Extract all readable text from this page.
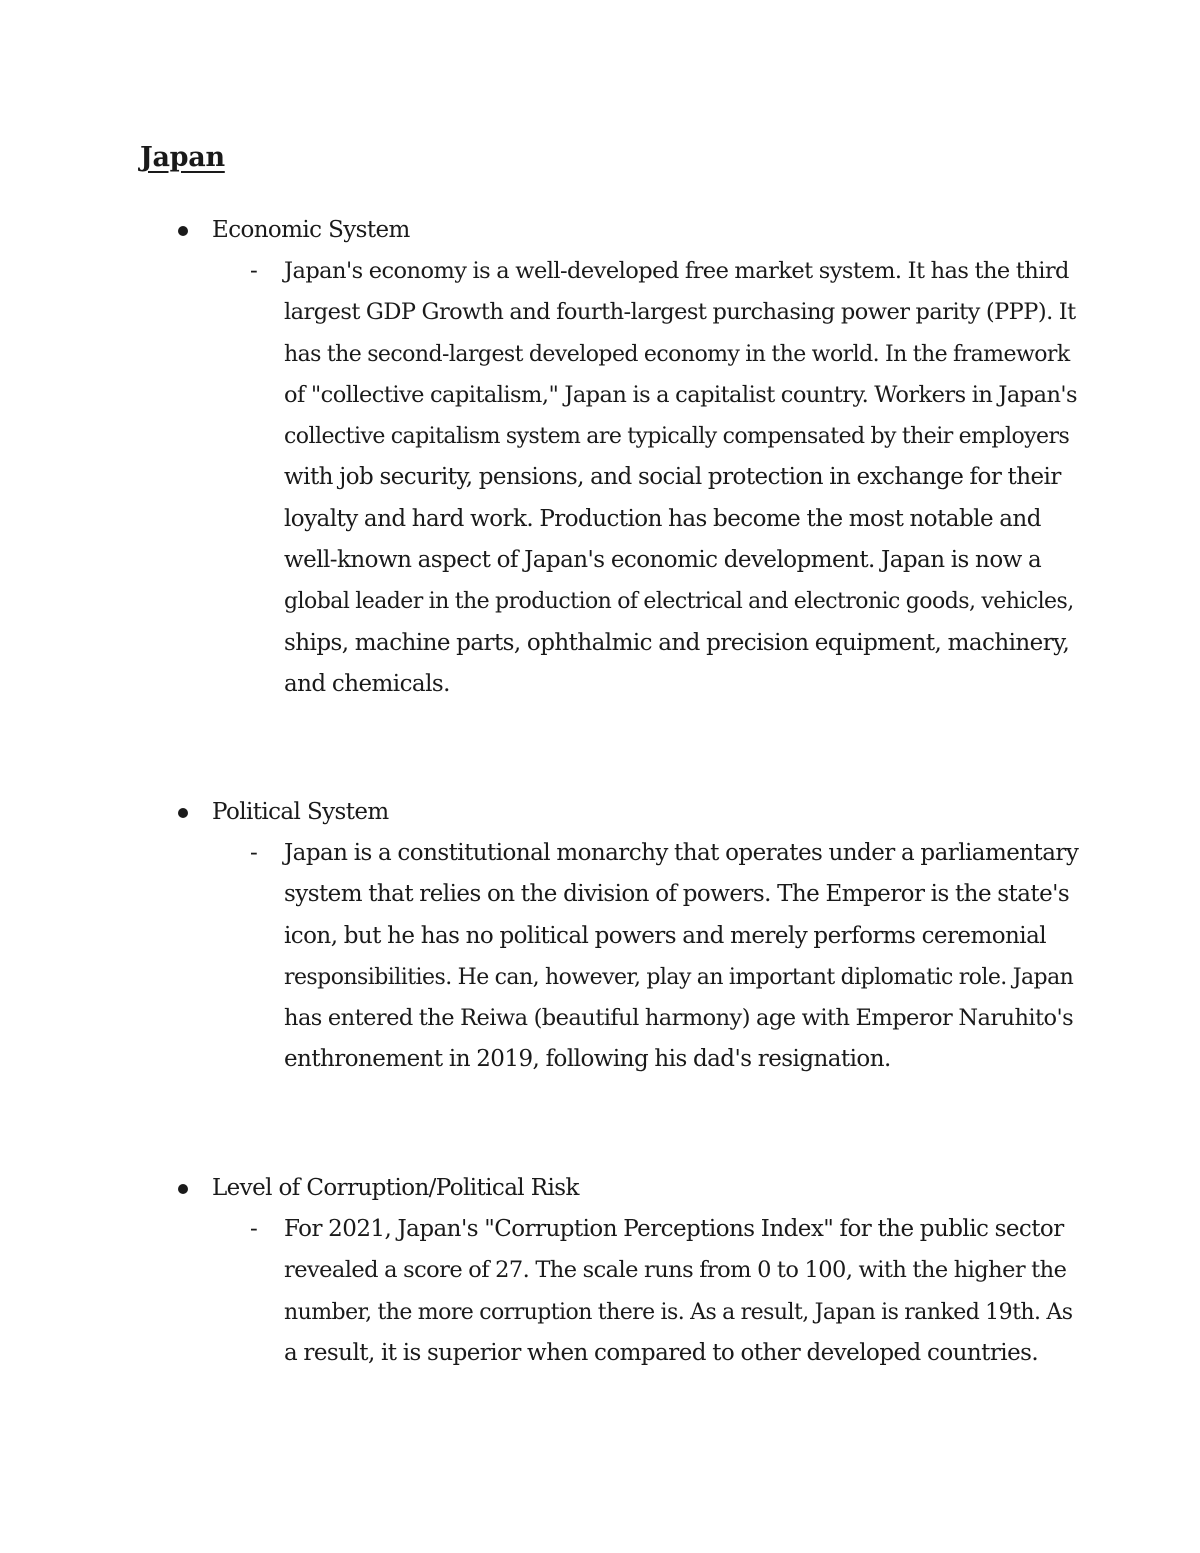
Japan
Economic System
- Japan's economy is a well-developed free market system. It has the third
largest GDP Growth and fourth-largest purchasing power parity (PPP). It
has the second-largest developed economy in the world. In the framework
of "collective capitalism," Japan is a capitalist country. Workers in Japan's
collective capitalism system are typically compensated by their employers
with job security, pensions, and social protection in exchange for their
loyalty and hard work. Production has become the most notable and
well-known aspect of Japan's economic development. Japan is now a
global leader in the production of electrical and electronic goods, vehicles,
ships, machine parts, ophthalmic and precision equipment, machinery,
and chemicals.
Political System
- Japan is a constitutional monarchy that operates under a parliamentary
system that relies on the division of powers. The Emperor is the state's
icon, but he has no political powers and merely performs ceremonial
responsibilities. He can, however, play an important diplomatic role. Japan
has entered the Reiwa (beautiful harmony) age with Emperor Naruhito's
enthronement in 2019, following his dad's resignation.
Level of Corruption/Political Risk
- For 2021, Japan's "Corruption Perceptions Index" for the public sector
revealed a score of 27. The scale runs from 0 to 100, with the higher the
number, the more corruption there is. As a result, Japan is ranked 19th. As
a result, it is superior when compared to other developed countries.
